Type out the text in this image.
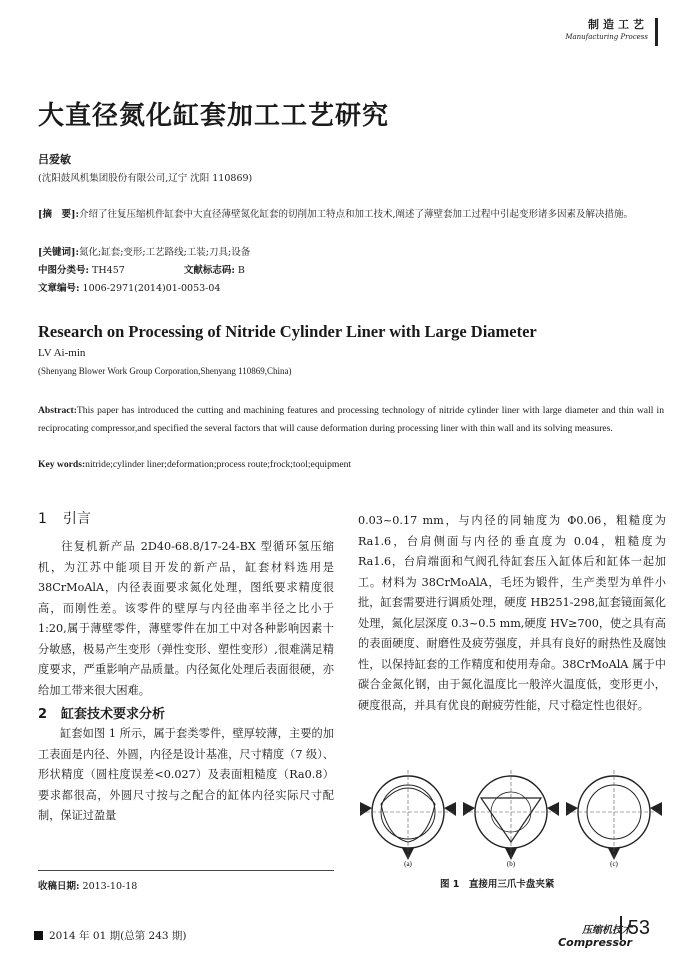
制造工艺
Manufacturing Process
大直径氮化缸套加工工艺研究
吕爱敏
(沈阳鼓风机集团股份有限公司,辽宁 沈阳 110869)
[摘　要]:介绍了往复压缩机件缸套中大直径薄壁氮化缸套的切削加工特点和加工技术,阐述了薄壁套加工过程中引起变形诸多因素及解决措施。
[关键词]:氮化;缸套;变形;工艺路线;工装;刀具;设备
中图分类号: TH457	文献标志码: B
文章编号: 1006-2971(2014)01-0053-04
Research on Processing of Nitride Cylinder Liner with Large Diameter
LV Ai-min
(Shenyang Blower Work Group Corporation,Shenyang 110869,China)
Abstract:This paper has introduced the cutting and machining features and processing technology of nitride cylinder liner with large diameter and thin wall in reciprocating compressor,and specified the several factors that will cause deformation during processing liner with thin wall and its solving measures.
Key words:nitride;cylinder liner;deformation;process route;frock;tool;equipment
1 引言
往复机新产品 2D40-68.8/17-24-BX 型循环氢压缩机，为江苏中能项目开发的新产品，缸套材料选用是 38CrMoAlA，内径表面要求氮化处理，图纸要求精度很高，而刚性差。该零件的壁厚与内径曲率半径之比小于 1:20,属于薄壁零件，薄壁零件在加工中对各种影响因素十分敏感，极易产生变形（弹性变形、塑性变形）,很难满足精度要求，严重影响产品质量。内径氮化处理后表面很硬，亦给加工带来很大困难。
2 缸套技术要求分析
缸套如图 1 所示，属于套类零件，壁厚较薄，主要的加工表面是内径、外圆，内径是设计基准，尺寸精度（7 级）、形状精度（圆柱度误差<0.027）及表面粗糙度（Ra0.8）要求都很高，外圆尺寸按与之配合的缸体内径实际尺寸配制，保证过盈量
0.03~0.17 mm，与内径的同轴度为 Φ0.06，粗糙度为 Ra1.6，台肩侧面与内径的垂直度为 0.04，粗糙度为 Ra1.6，台肩端面和气阀孔待缸套压入缸体后和缸体一起加工。材料为 38CrMoAlA，毛坯为锻件，生产类型为单件小批，缸套需要进行调质处理，硬度 HB251-298,缸套镜面氮化处理，氮化层深度 0.3~0.5 mm,硬度 HV≥700，使之具有高的表面硬度、耐磨性及疲劳强度，并具有良好的耐热性及腐蚀性，以保持缸套的工作精度和使用寿命。38CrMoAlA 属于中碳合金氮化钢，由于氮化温度比一般淬火温度低，变形更小，硬度很高，并具有优良的耐疲劳性能，尺寸稳定性也很好。
(a)	(b)	(c)
图 1　直接用三爪卡盘夹紧
收稿日期: 2013-10-18
2014 年 01 期(总第 243 期)	压缩机技术
Compressor
53
